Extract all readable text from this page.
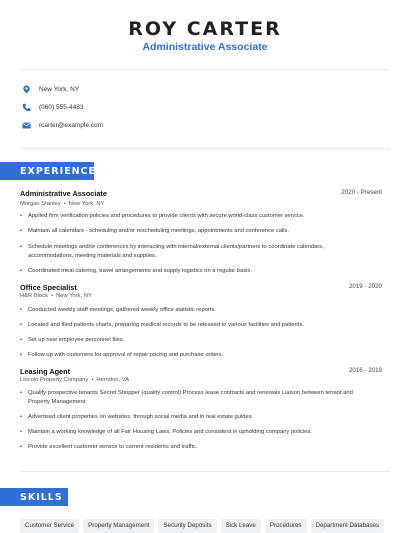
ROY CARTER
Administrative Associate
New York, NY
(060) 555-4483
rcarter@example.com
EXPERIENCE
Administrative Associate	2020 - Present
Morgan Stanley • New York, NY
• Applied firm verification policies and procedures to provide clients with secure world-class customer service.
• Maintain all calendars - scheduling and/or rescheduling meetings, appointments and conference calls.
• Schedule meetings and/or conferences by interacting with internal/external clients/partners to coordinate calendars, accommodations, meeting materials and supplies.
• Coordinated meal catering, travel arrangements and supply logistics on a regular basis.
Office Specialist	2019 - 2020
H&R Block • New York, NY
• Conducted weekly staff meetings, gathered weekly office statistic reports.
• Located and filed patients charts, preparing medical records to be released to various facilities and patients.
• Set up new employee personnel files.
• Follow up with customers for approval of repair pricing and purchase orders.
Leasing Agent	2016 - 2019
Lincoln Property Company • Herndon, VA
• Qualify prospective tenants Secret Shopper (quality control) Process lease contracts and renewals Liaison between tenant and Property Management
• Advertised client properties on websites, through social media and in real estate guides.
• Maintain a working knowledge of all Fair Housing Laws, Policies and consistent in upholding company policies.
• Provide excellent customer service to current residents and traffic.
SKILLS
Customer Service	Property Management	Security Deposits	Sick Leave	Procedures	Department Databases
